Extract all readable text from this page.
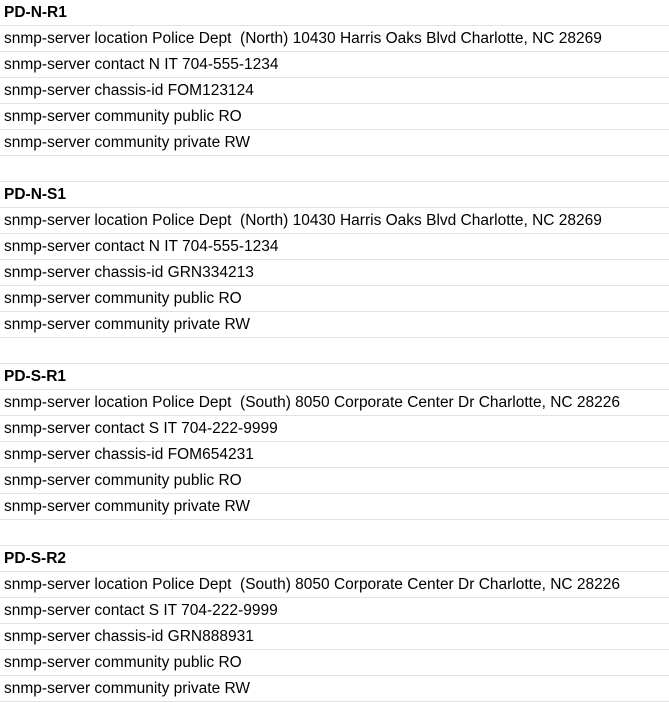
PD-N-R1
snmp-server location Police Dept  (North) 10430 Harris Oaks Blvd Charlotte, NC 28269
snmp-server contact N IT 704-555-1234
snmp-server chassis-id FOM123124
snmp-server community public RO
snmp-server community private RW
PD-N-S1
snmp-server location Police Dept  (North) 10430 Harris Oaks Blvd Charlotte, NC 28269
snmp-server contact N IT 704-555-1234
snmp-server chassis-id GRN334213
snmp-server community public RO
snmp-server community private RW
PD-S-R1
snmp-server location Police Dept  (South) 8050 Corporate Center Dr Charlotte, NC 28226
snmp-server contact S IT 704-222-9999
snmp-server chassis-id FOM654231
snmp-server community public RO
snmp-server community private RW
PD-S-R2
snmp-server location Police Dept  (South) 8050 Corporate Center Dr Charlotte, NC 28226
snmp-server contact S IT 704-222-9999
snmp-server chassis-id GRN888931
snmp-server community public RO
snmp-server community private RW
